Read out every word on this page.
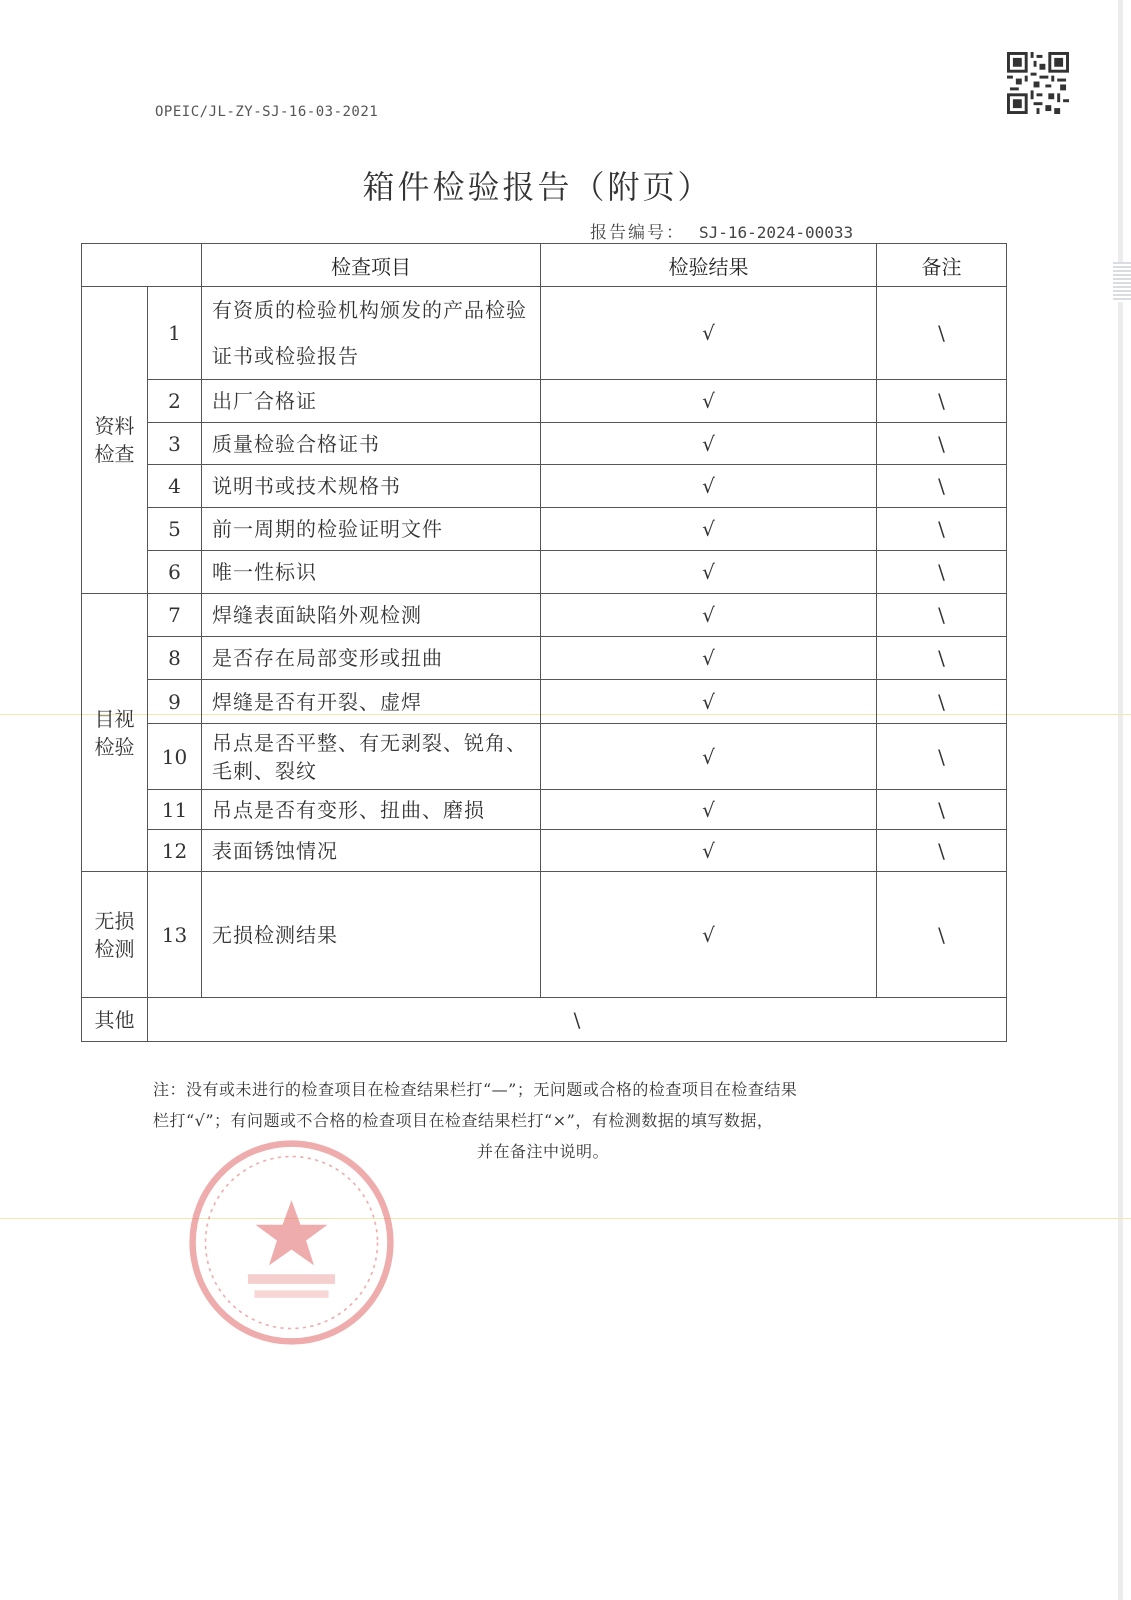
OPEIC/JL-ZY-SJ-16-03-2021
箱件检验报告（附页）
报告编号： SJ-16-2024-00033
		检查项目	检验结果	备注
资料
检查	1	有资质的检验机构颁发的产品检验证书或检验报告	√	\
	2	出厂合格证	√	\
	3	质量检验合格证书	√	\
	4	说明书或技术规格书	√	\
	5	前一周期的检验证明文件	√	\
	6	唯一性标识	√	\
目视
检验	7	焊缝表面缺陷外观检测	√	\
	8	是否存在局部变形或扭曲	√	\
	9	焊缝是否有开裂、虚焊	√	\
	10	吊点是否平整、有无剥裂、锐角、毛刺、裂纹	√	\
	11	吊点是否有变形、扭曲、磨损	√	\
	12	表面锈蚀情况	√	\
无损
检测	13	无损检测结果	√	\
其他	\			
注：没有或未进行的检查项目在检查结果栏打“—”；无问题或合格的检查项目在检查结果
栏打“√”；有问题或不合格的检查项目在检查结果栏打“×”，有检测数据的填写数据，

并在备注中说明。
